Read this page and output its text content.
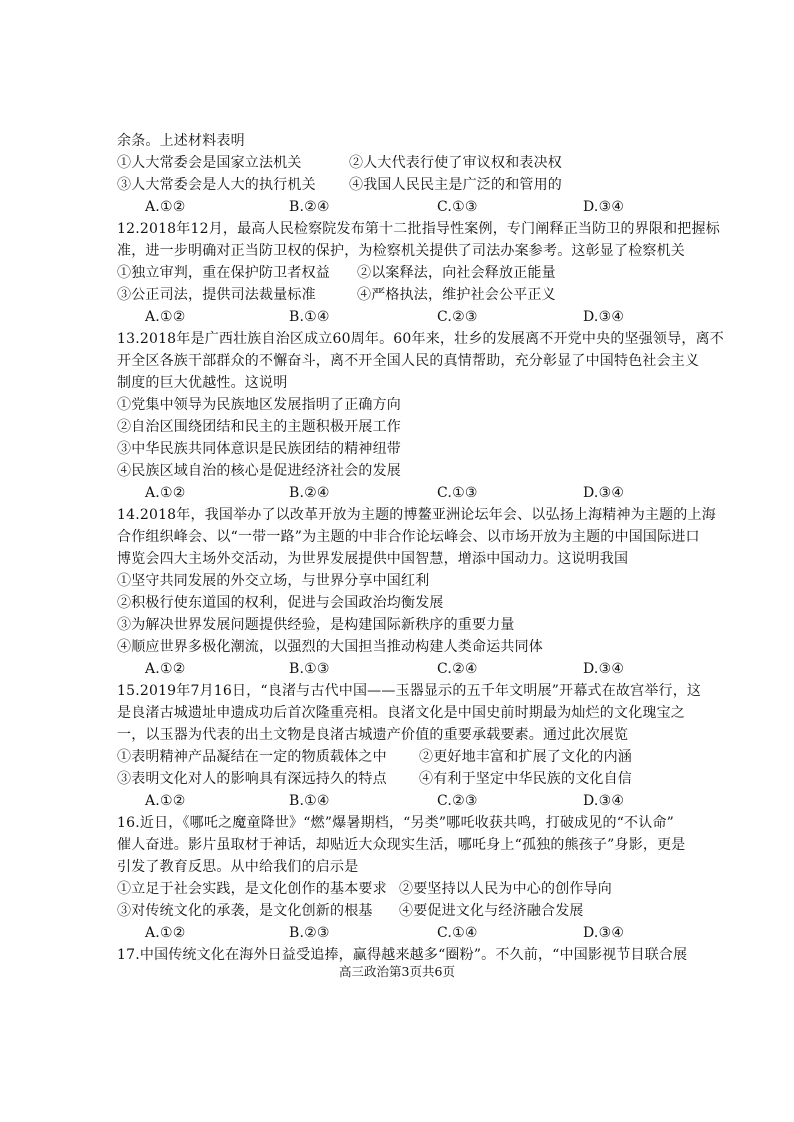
余条。上述材料表明
①人大常委会是国家立法机关	②人大代表行使了审议权和表决权
③人大常委会是人大的执行机关 ④我国人民民主是广泛的和管用的
A.①②	B.②④	C.①③	D.③④
12.2018年12月，最高人民检察院发布第十二批指导性案例，专门阐释正当防卫的界限和把握标
准，进一步明确对正当防卫权的保护，为检察机关提供了司法办案参考。这彰显了检察机关
①独立审判，重在保护防卫者权益 ②以案释法，向社会释放正能量
③公正司法，提供司法裁量标准	④严格执法，维护社会公平正义
A.①②	B.①④	C.②③	D.③④
13.2018年是广西壮族自治区成立60周年。60年来，壮乡的发展离不开党中央的坚强领导，离不
开全区各族干部群众的不懈奋斗，离不开全国人民的真情帮助，充分彰显了中国特色社会主义
制度的巨大优越性。这说明
①党集中领导为民族地区发展指明了正确方向
②自治区围绕团结和民主的主题积极开展工作
③中华民族共同体意识是民族团结的精神纽带
④民族区域自治的核心是促进经济社会的发展
A.①②	B.②④	C.①③	D.③④
14.2018年，我国举办了以改革开放为主题的博鳌亚洲论坛年会、以弘扬上海精神为主题的上海
合作组织峰会、以“一带一路”为主题的中非合作论坛峰会、以市场开放为主题的中国国际进口
博览会四大主场外交活动，为世界发展提供中国智慧，增添中国动力。这说明我国
①坚守共同发展的外交立场，与世界分享中国红利
②积极行使东道国的权利，促进与会国政治均衡发展
③为解决世界发展问题提供经验，是构建国际新秩序的重要力量
④顺应世界多极化潮流，以强烈的大国担当推动构建人类命运共同体
A.①②	B.①③	C.②④	D.③④
15.2019年7月16日，“良渚与古代中国——玉器显示的五千年文明展”开幕式在故宫举行，这
是良渚古城遗址申遗成功后首次隆重亮相。良渚文化是中国史前时期最为灿烂的文化瑰宝之
一，以玉器为代表的出土文物是良渚古城遗产价值的重要承载要素。通过此次展览
①表明精神产品凝结在一定的物质载体之中 ②更好地丰富和扩展了文化的内涵
③表明文化对人的影响具有深远持久的特点 ④有利于坚定中华民族的文化自信
A.①②	B.①④	C.②③	D.③④
16.近日，《哪吒之魔童降世》“燃”爆暑期档，“另类”哪吒收获共鸣，打破成见的“不认命”
催人奋进。影片虽取材于神话，却贴近大众现实生活，哪吒身上“孤独的熊孩子”身影，更是
引发了教育反思。从中给我们的启示是
①立足于社会实践，是文化创作的基本要求 ②要坚持以人民为中心的创作导向
③对传统文化的承袭，是文化创新的根基 ④要促进文化与经济融合发展
A.①②	B.②③	C.①④	D.③④
17.中国传统文化在海外日益受追捧，赢得越来越多“圈粉”。不久前，“中国影视节目联合展
高三政治第3页共6页
